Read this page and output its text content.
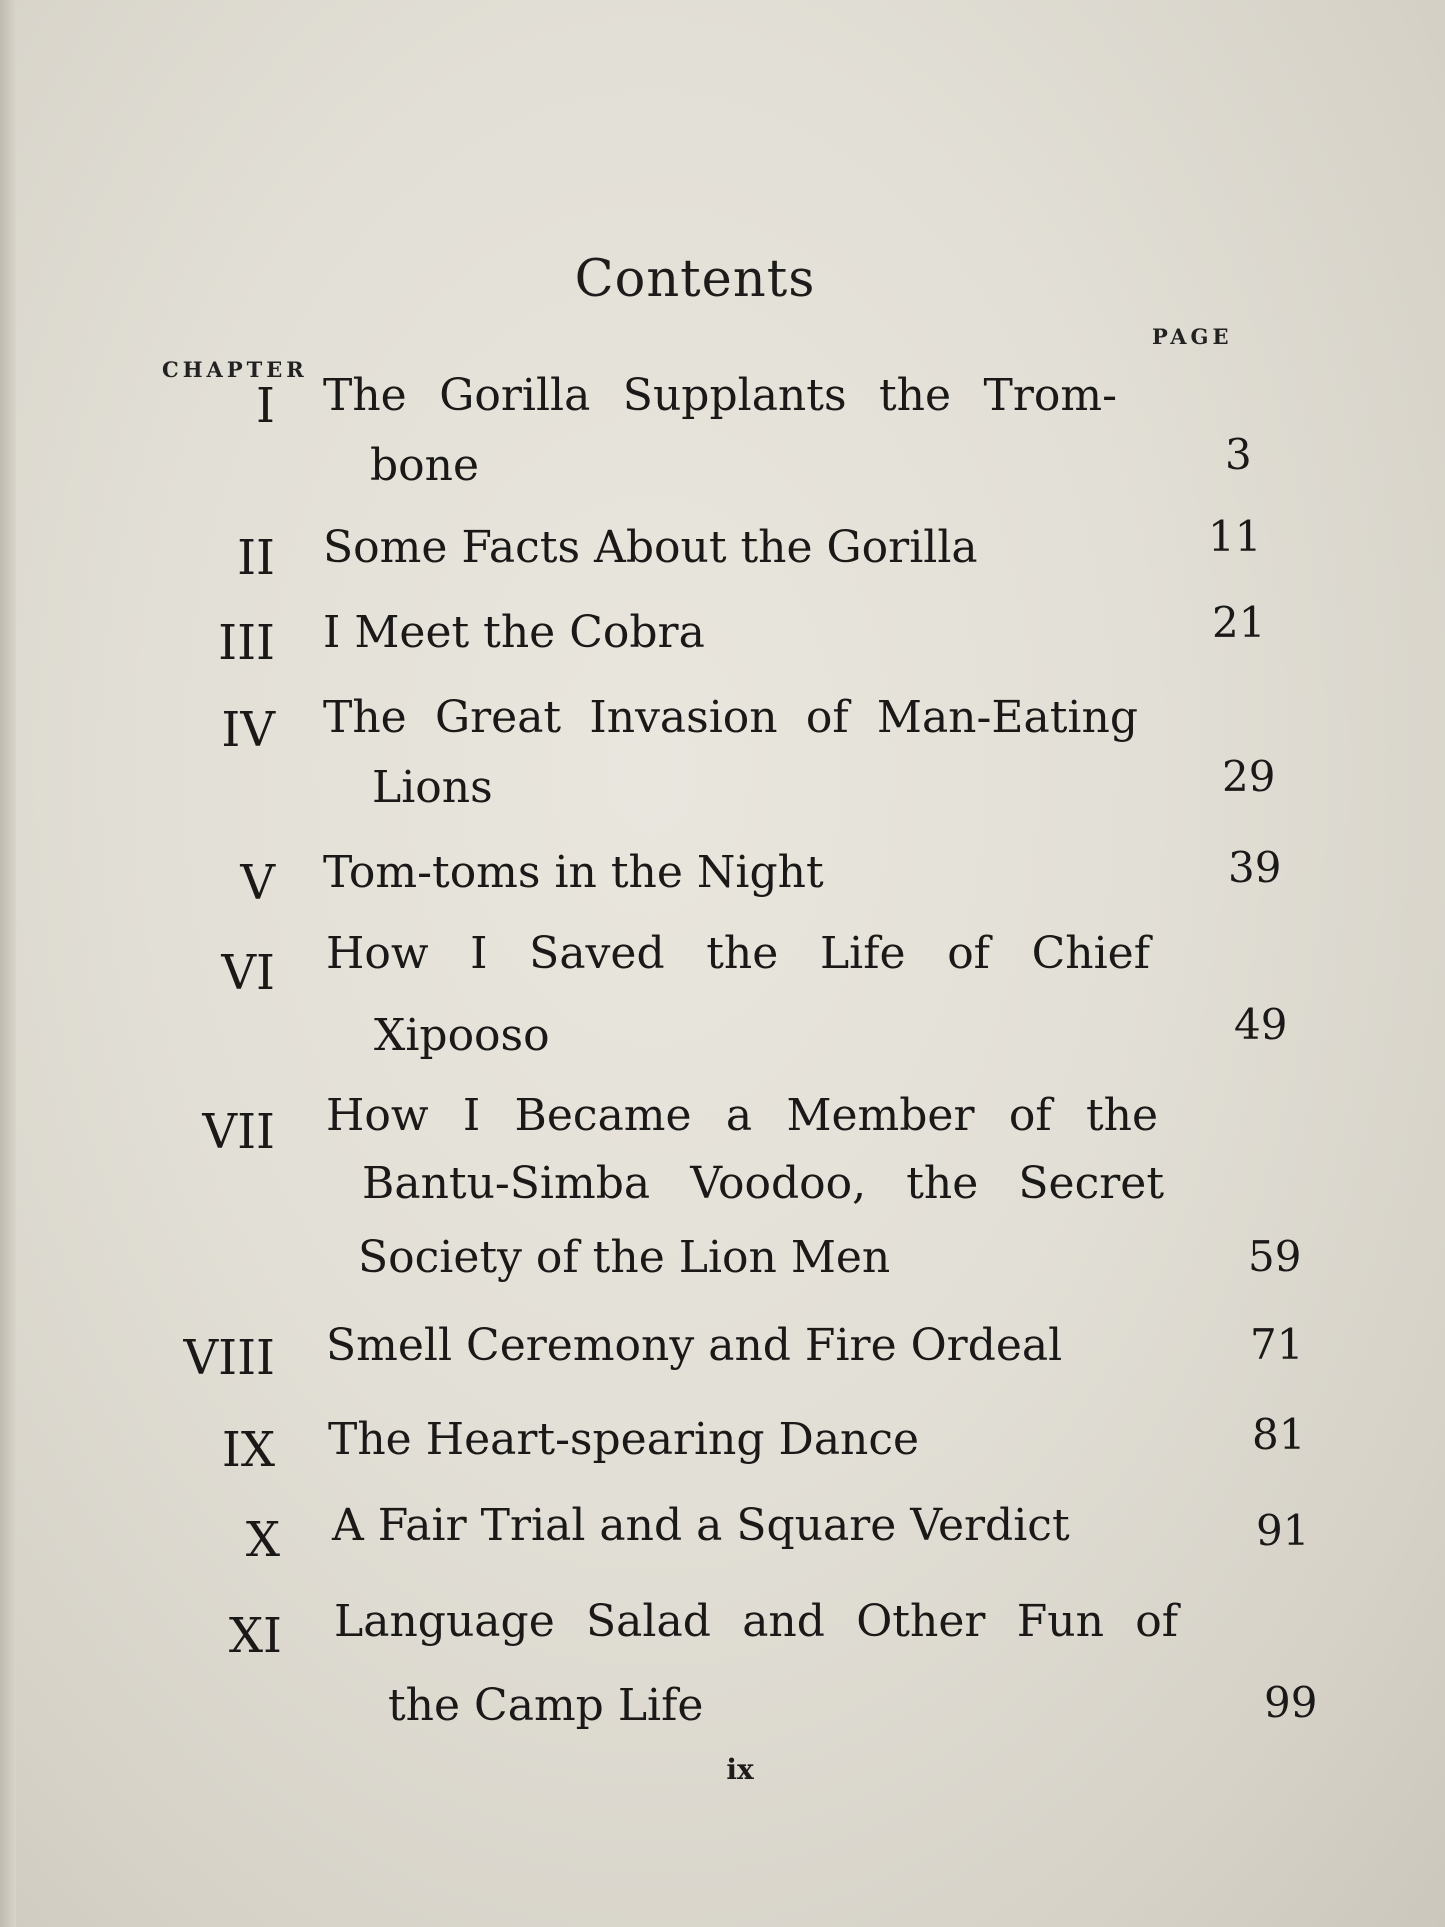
Contents
PAGE
CHAPTER
I The Gorilla Supplants the Trom-
bone	3
II Some Facts About the Gorilla	11
III I Meet the Cobra	21
IV The Great Invasion of Man-Eating
Lions	29
V Tom-toms in the Night	39
VI How I Saved the Life of Chief
Xipooso	49
VII How I Became a Member of the
Bantu-Simba Voodoo, the Secret
Society of the Lion Men	59
VIII Smell Ceremony and Fire Ordeal	71
IX The Heart-spearing Dance	81
X A Fair Trial and a Square Verdict	91
XI Language Salad and Other Fun of
the Camp Life	99
ix
